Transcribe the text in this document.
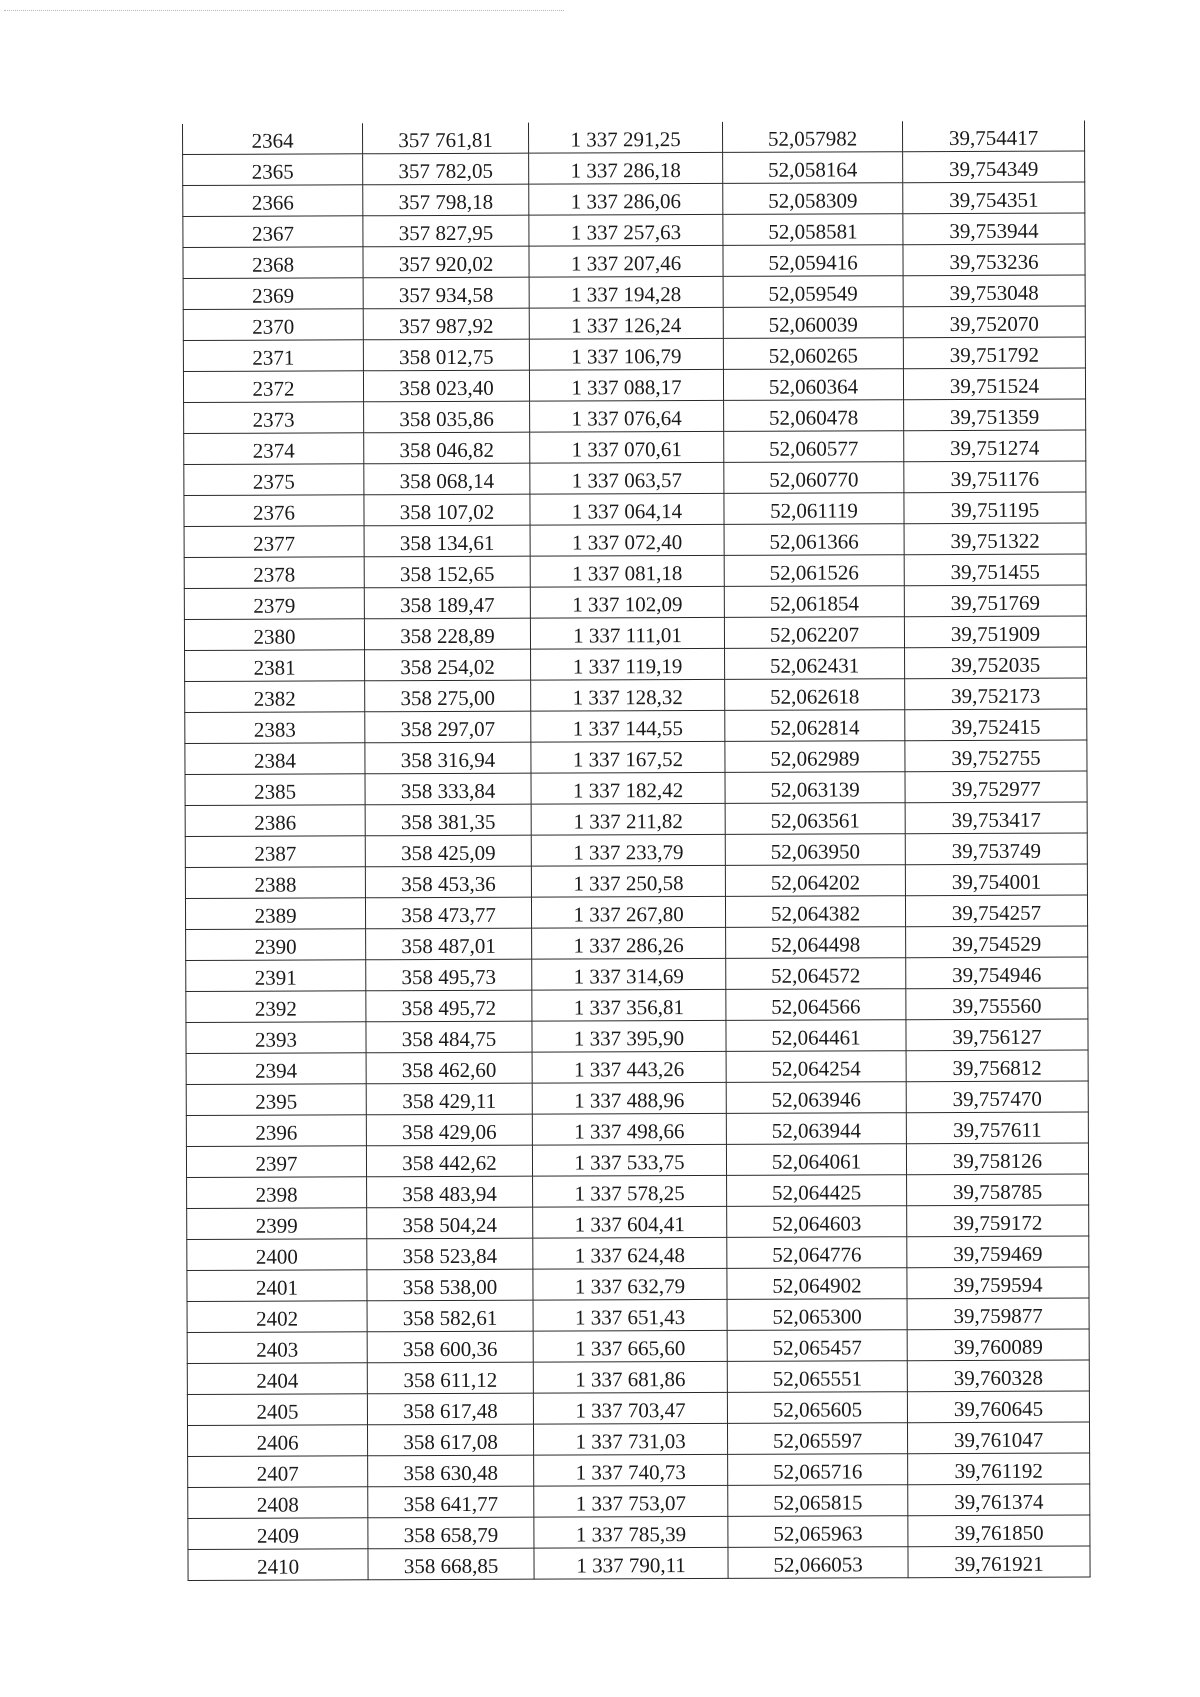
2364	357 761,81	1 337 291,25	52,057982	39,754417
2365	357 782,05	1 337 286,18	52,058164	39,754349
2366	357 798,18	1 337 286,06	52,058309	39,754351
2367	357 827,95	1 337 257,63	52,058581	39,753944
2368	357 920,02	1 337 207,46	52,059416	39,753236
2369	357 934,58	1 337 194,28	52,059549	39,753048
2370	357 987,92	1 337 126,24	52,060039	39,752070
2371	358 012,75	1 337 106,79	52,060265	39,751792
2372	358 023,40	1 337 088,17	52,060364	39,751524
2373	358 035,86	1 337 076,64	52,060478	39,751359
2374	358 046,82	1 337 070,61	52,060577	39,751274
2375	358 068,14	1 337 063,57	52,060770	39,751176
2376	358 107,02	1 337 064,14	52,061119	39,751195
2377	358 134,61	1 337 072,40	52,061366	39,751322
2378	358 152,65	1 337 081,18	52,061526	39,751455
2379	358 189,47	1 337 102,09	52,061854	39,751769
2380	358 228,89	1 337 111,01	52,062207	39,751909
2381	358 254,02	1 337 119,19	52,062431	39,752035
2382	358 275,00	1 337 128,32	52,062618	39,752173
2383	358 297,07	1 337 144,55	52,062814	39,752415
2384	358 316,94	1 337 167,52	52,062989	39,752755
2385	358 333,84	1 337 182,42	52,063139	39,752977
2386	358 381,35	1 337 211,82	52,063561	39,753417
2387	358 425,09	1 337 233,79	52,063950	39,753749
2388	358 453,36	1 337 250,58	52,064202	39,754001
2389	358 473,77	1 337 267,80	52,064382	39,754257
2390	358 487,01	1 337 286,26	52,064498	39,754529
2391	358 495,73	1 337 314,69	52,064572	39,754946
2392	358 495,72	1 337 356,81	52,064566	39,755560
2393	358 484,75	1 337 395,90	52,064461	39,756127
2394	358 462,60	1 337 443,26	52,064254	39,756812
2395	358 429,11	1 337 488,96	52,063946	39,757470
2396	358 429,06	1 337 498,66	52,063944	39,757611
2397	358 442,62	1 337 533,75	52,064061	39,758126
2398	358 483,94	1 337 578,25	52,064425	39,758785
2399	358 504,24	1 337 604,41	52,064603	39,759172
2400	358 523,84	1 337 624,48	52,064776	39,759469
2401	358 538,00	1 337 632,79	52,064902	39,759594
2402	358 582,61	1 337 651,43	52,065300	39,759877
2403	358 600,36	1 337 665,60	52,065457	39,760089
2404	358 611,12	1 337 681,86	52,065551	39,760328
2405	358 617,48	1 337 703,47	52,065605	39,760645
2406	358 617,08	1 337 731,03	52,065597	39,761047
2407	358 630,48	1 337 740,73	52,065716	39,761192
2408	358 641,77	1 337 753,07	52,065815	39,761374
2409	358 658,79	1 337 785,39	52,065963	39,761850
2410	358 668,85	1 337 790,11	52,066053	39,761921
